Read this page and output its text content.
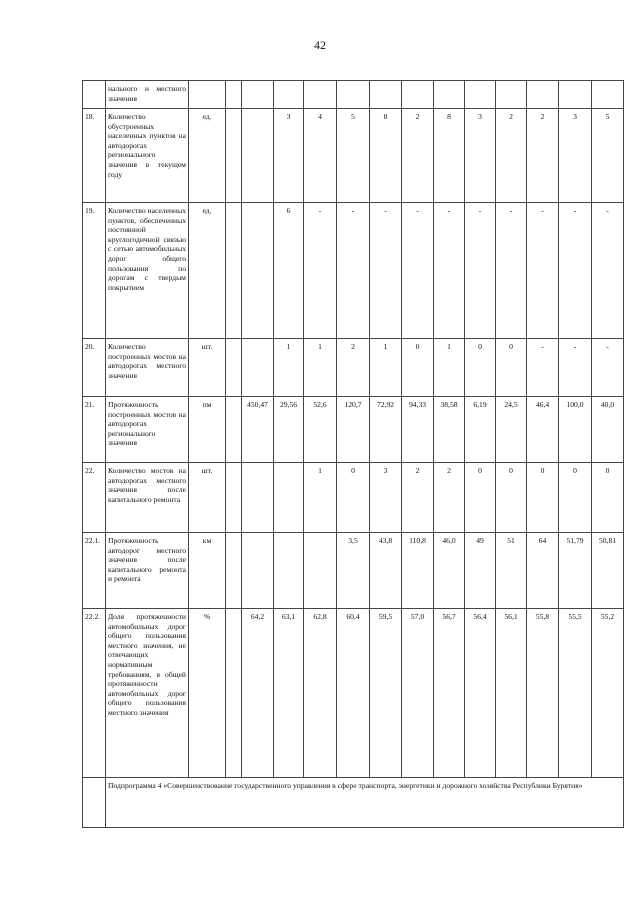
42
	нального и местного значения														
18.	Количество обустроенных населенных пунктов на автодорогах регионального значения в текущем году	ед.			3	4	5	8	2	8	3	2	2	3	5
19.	Количество населенных пунктов, обеспеченных постоянной круглогодичной связью с сетью автомобильных дорог общего пользования по дорогам с твердым покрытием	ед.			6	-	-	-	-	-	-	-	-	-	-
20.	Количество построенных мостов на автодорогах местного значения	шт.			1	1	2	1	0	1	0	0	-	-	-
21.	Протяженность построенных мостов на автодорогах регионального значения	пм		450,47	29,56	52,6	120,7	72,92	94,33	38,58	6,19	24,5	46,4	100,0	40,0
22.	Количество мостов на автодорогах местного значения после капитального ремонта	шт.				1	0	3	2	2	0	0	0	0	0
22.1.	Протяженность автодорог местного значения после капитального ремонта и ремонта	км					3,5	43,8	110,8	46,0	49	51	64	51,79	50,81
22.2.	Доля протяженности автомобильных дорог общего пользования местного значения, не отвечающих нормативным требованиям, в общей протяженности автомобильных дорог общего пользования местного значения	%		64,2	63,1	62,8	60,4	59,5	57,0	56,7	56,4	56,1	55,8	55,5	55,2
	Подпрограмма 4 «Совершенствование государственного управления в сфере транспорта, энергетики и дорожного хозяйства Республики Бурятия»														
